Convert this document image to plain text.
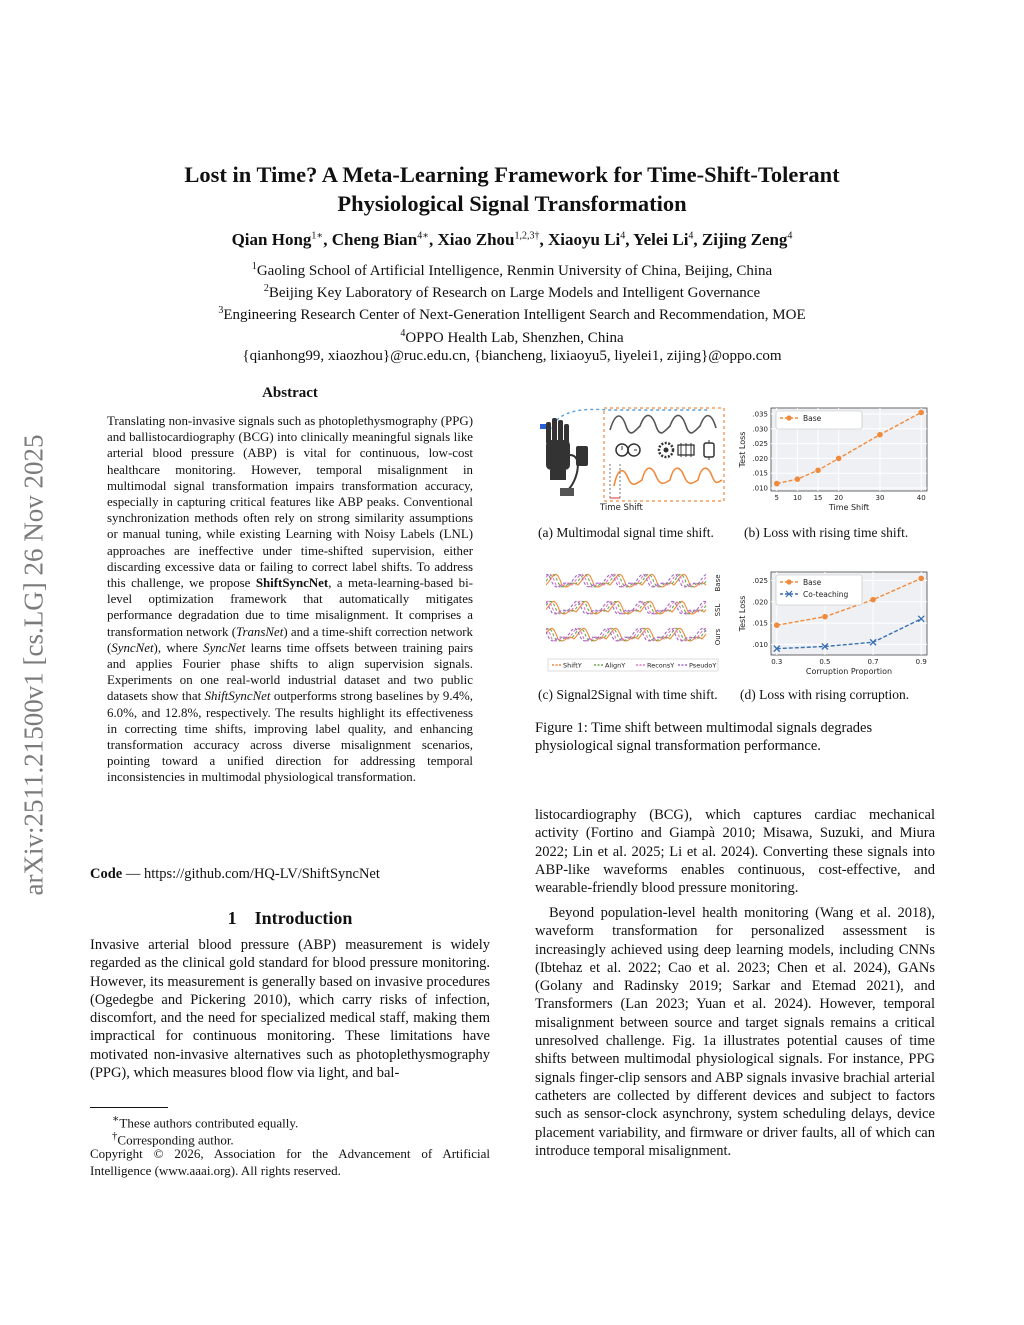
arXiv:2511.21500v1 [cs.LG] 26 Nov 2025
Lost in Time? A Meta-Learning Framework for Time-Shift-Tolerant
Physiological Signal Transformation
Qian Hong$^{1∗}$, Cheng Bian$^{4∗}$, Xiao Zhou$^{1,2,3\dagger}$, Xiaoyu Li$^4$, Yelei Li$^4$, Zijing Zeng$^4$
$^1$Gaoling School of Artificial Intelligence, Renmin University of China, Beijing, China
$^2$Beijing Key Laboratory of Research on Large Models and Intelligent Governance
$^3$Engineering Research Center of Next-Generation Intelligent Search and Recommendation, MOE
$^4$OPPO Health Lab, Shenzhen, China
{qianhong99, xiaozhou}@ruc.edu.cn, {biancheng, lixiaoyu5, liyelei1, zijing}@oppo.com
Abstract
Translating non-invasive signals such as photoplethysmography (PPG) and ballistocardiography (BCG) into clinically meaningful signals like arterial blood pressure (ABP) is vital for continuous, low-cost healthcare monitoring. However, temporal misalignment in multimodal signal transformation impairs transformation accuracy, especially in capturing critical features like ABP peaks. Conventional synchronization methods often rely on strong similarity assumptions or manual tuning, while existing Learning with Noisy Labels (LNL) approaches are ineffective under time-shifted supervision, either discarding excessive data or failing to correct label shifts. To address this challenge, we propose ShiftSyncNet, a meta-learning-based bi-level optimization framework that automatically mitigates performance degradation due to time misalignment. It comprises a transformation network (TransNet) and a time-shift correction network (SyncNet), where SyncNet learns time offsets between training pairs and applies Fourier phase shifts to align supervision signals. Experiments on one real-world industrial dataset and two public datasets show that ShiftSyncNet outperforms strong baselines by 9.4%, 6.0%, and 12.8%, respectively. The results highlight its effectiveness in correcting time shifts, improving label quality, and enhancing transformation accuracy across diverse misalignment scenarios, pointing toward a unified direction for addressing temporal inconsistencies in multimodal physiological transformation.
Code — https://github.com/HQ-LV/ShiftSyncNet
1 Introduction
Invasive arterial blood pressure (ABP) measurement is widely regarded as the clinical gold standard for blood pressure monitoring. However, its measurement is generally based on invasive procedures (Ogedegbe and Pickering 2010), which carry risks of infection, discomfort, and the need for specialized medical staff, making them impractical for continuous monitoring. These limitations have motivated non-invasive alternatives such as photoplethysmography (PPG), which measures blood flow via light, and bal-
∗These authors contributed equally.
†Corresponding author.
Copyright © 2026, Association for the Advancement of Artificial Intelligence (www.aaai.org). All rights reserved.
Time Shift
.010
.015
.020
.025
.030
.035
5 10 15 20	30	40
Time Shift
Test Loss
Base
(a) Multimodal signal time shift. (b) Loss with rising time shift.
Base
SSL
Ours
ShiftY	AlignY	ReconsY PseudoY
.010
.015
.020
.025
0.3	0.5	0.7	0.9
Corruption Proportion
Test Loss
Base
Co-teaching
(c) Signal2Signal with time shift. (d) Loss with rising corruption.
Figure 1: Time shift between multimodal signals degrades physiological signal transformation performance.
listocardiography (BCG), which captures cardiac mechanical activity (Fortino and Giampà 2010; Misawa, Suzuki, and Miura 2022; Lin et al. 2025; Li et al. 2024). Converting these signals into ABP-like waveforms enables continuous, cost-effective, and wearable-friendly blood pressure monitoring.
Beyond population-level health monitoring (Wang et al. 2018), waveform transformation for personalized assessment is increasingly achieved using deep learning models, including CNNs (Ibtehaz et al. 2022; Cao et al. 2023; Chen et al. 2024), GANs (Golany and Radinsky 2019; Sarkar and Etemad 2021), and Transformers (Lan 2023; Yuan et al. 2024). However, temporal misalignment between source and target signals remains a critical unresolved challenge. Fig. 1a illustrates potential causes of time shifts between multimodal physiological signals. For instance, PPG signals finger-clip sensors and ABP signals invasive brachial arterial catheters are collected by different devices and subject to factors such as sensor-clock asynchrony, system scheduling delays, device placement variability, and firmware or driver faults, all of which can introduce temporal misalignment.
